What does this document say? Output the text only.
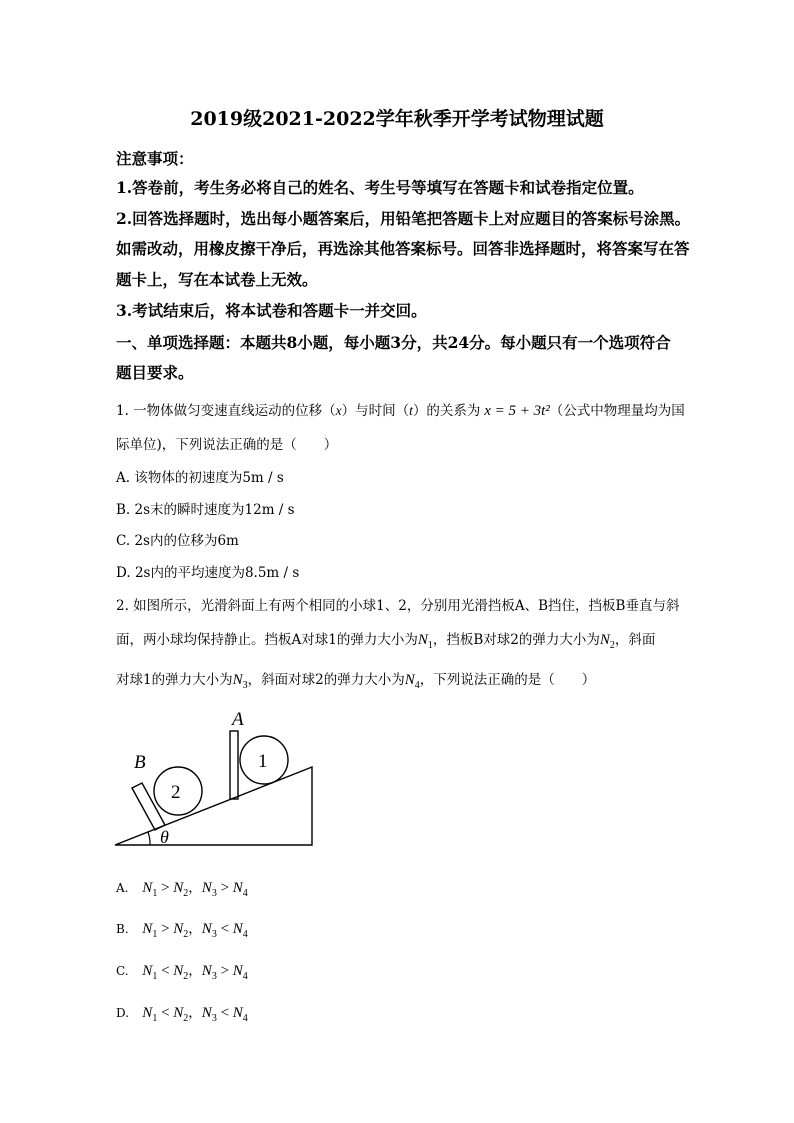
2019级2021-2022学年秋季开学考试物理试题
注意事项：
1.答卷前，考生务必将自己的姓名、考生号等填写在答题卡和试卷指定位置。
2.回答选择题时，选出每小题答案后，用铅笔把答题卡上对应题目的答案标号涂黑。
如需改动，用橡皮擦干净后，再选涂其他答案标号。回答非选择题时，将答案写在答
题卡上，写在本试卷上无效。
3.考试结束后，将本试卷和答题卡一并交回。
一、单项选择题：本题共8小题，每小题3分，共24分。每小题只有一个选项符合
题目要求。
1. 一物体做匀变速直线运动的位移（x）与时间（t）的关系为 x = 5 + 3t²（公式中物理量均为国
际单位)，下列说法正确的是（　　）
A. 该物体的初速度为5m / s
B. 2s末的瞬时速度为12m / s
C. 2s内的位移为6m
D. 2s内的平均速度为8.5m / s
2. 如图所示，光滑斜面上有两个相同的小球1、2，分别用光滑挡板A、B挡住，挡板B垂直与斜
面，两小球均保持静止。挡板A对球1的弹力大小为$N_1$，挡板B对球2的弹力大小为$N_2$，斜面
对球1的弹力大小为$N_3$，斜面对球2的弹力大小为$N_4$，下列说法正确的是（　　）
A
B	1
2
θ
A. $N_1 > N_2$，$N_3 > N_4$
B. $N_1 > N_2$，$N_3 < N_4$
C. $N_1 < N_2$，$N_3 > N_4$
D. $N_1 < N_2$，$N_3 < N_4$
